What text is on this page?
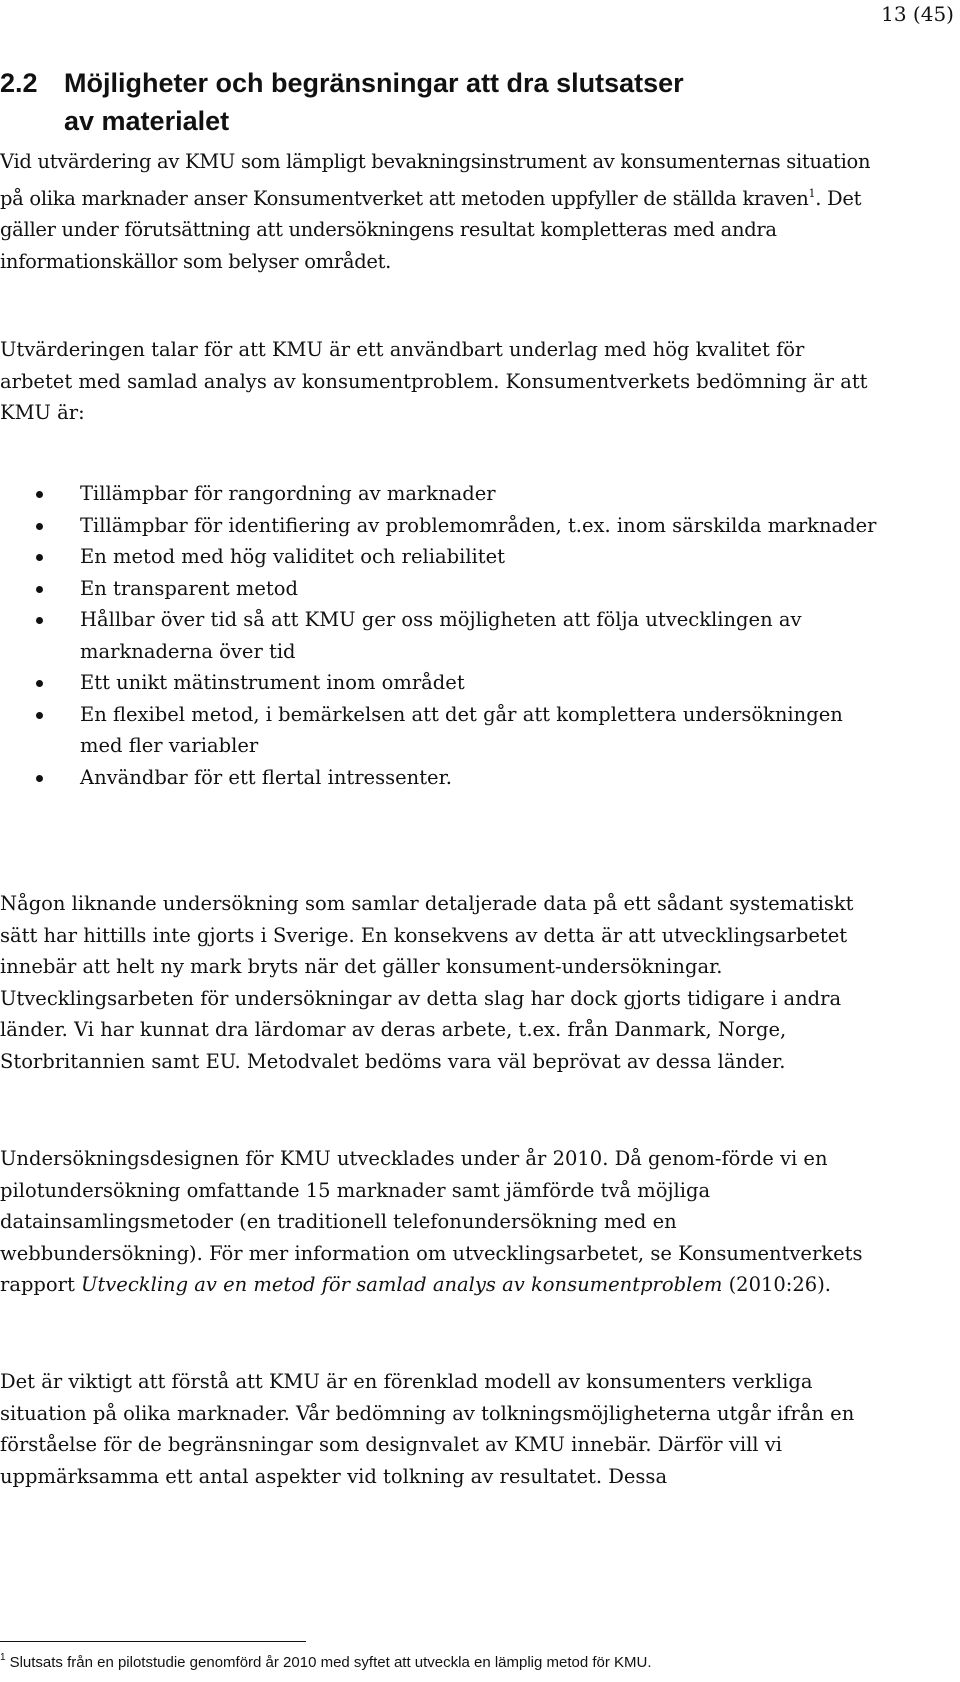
13 (45)
2.2 Möjligheter och begränsningar att dra slutsatser
av materialet

Vid utvärdering av KMU som lämpligt bevakningsinstrument av konsumenternas situation på olika marknader anser Konsumentverket att metoden uppfyller de ställda kraven$^1$. Det gäller under förutsättning att undersökningens resultat kompletteras med andra informationskällor som belyser området.

Utvärderingen talar för att KMU är ett användbart underlag med hög kvalitet för arbetet med samlad analys av konsumentproblem. Konsumentverkets bedömning är att KMU är:

Tillämpbar för rangordning av marknader
Tillämpbar för identifiering av problemområden, t.ex. inom särskilda marknader
En metod med hög validitet och reliabilitet
En transparent metod
Hållbar över tid så att KMU ger oss möjligheten att följa utvecklingen av marknaderna över tid
Ett unikt mätinstrument inom området
En flexibel metod, i bemärkelsen att det går att komplettera undersökningen med fler variabler
Användbar för ett flertal intressenter.

Någon liknande undersökning som samlar detaljerade data på ett sådant systematiskt sätt har hittills inte gjorts i Sverige. En konsekvens av detta är att utvecklingsarbetet innebär att helt ny mark bryts när det gäller konsument-undersökningar. Utvecklingsarbeten för undersökningar av detta slag har dock gjorts tidigare i andra länder. Vi har kunnat dra lärdomar av deras arbete, t.ex. från Danmark, Norge, Storbritannien samt EU. Metodvalet bedöms vara väl beprövat av dessa länder.

Undersökningsdesignen för KMU utvecklades under år 2010. Då genom-förde vi en pilotundersökning omfattande 15 marknader samt jämförde två möjliga datainsamlingsmetoder (en traditionell telefonundersökning med en webbundersökning). För mer information om utvecklingsarbetet, se Konsumentverkets rapport Utveckling av en metod för samlad analys av konsumentproblem (2010:26).

Det är viktigt att förstå att KMU är en förenklad modell av konsumenters verkliga situation på olika marknader. Vår bedömning av tolkningsmöjligheterna utgår ifrån en förståelse för de begränsningar som designvalet av KMU innebär. Därför vill vi uppmärksamma ett antal aspekter vid tolkning av resultatet. Dessa

$^1$ Slutsats från en pilotstudie genomförd år 2010 med syftet att utveckla en lämplig metod för KMU.
